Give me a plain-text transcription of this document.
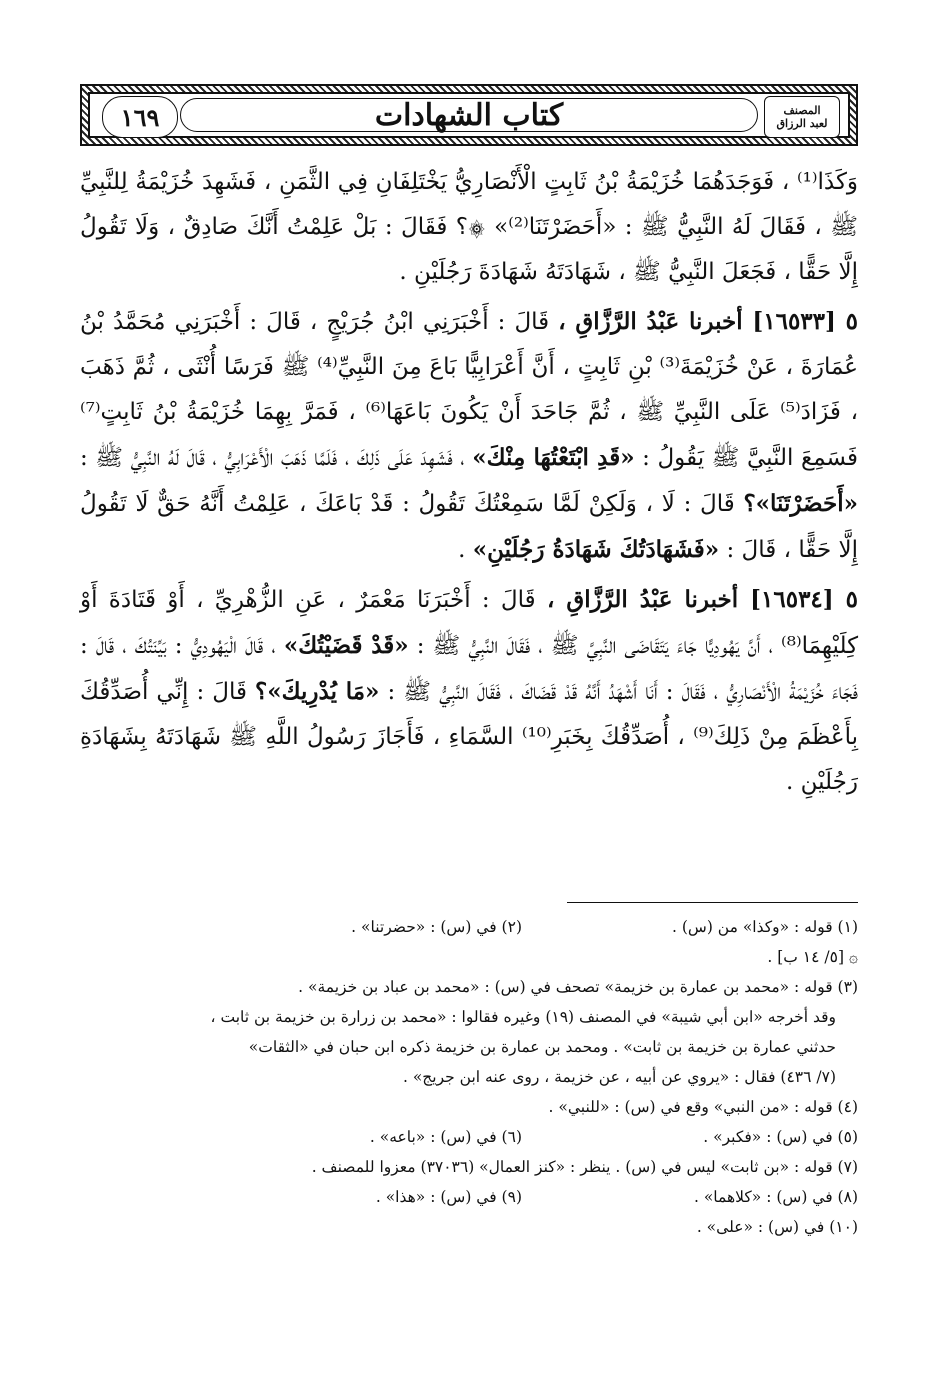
المصنف
لعبد الرزاق
كتاب الشهادات
١٦٩

وَكَذَا⁽¹⁾ ، فَوَجَدَهُمَا خُزَيْمَةُ بْنُ ثَابِتٍ الْأَنْصَارِيُّ يَخْتَلِفَانِ فِي الثَّمَنِ ، فَشَهِدَ خُزَيْمَةُ لِلنَّبِيِّ ﷺ ، فَقَالَ لَهُ النَّبِيُّ ﷺ : «أَحَضَرْتَنَا⁽²⁾» ۞؟ فَقَالَ : بَلْ عَلِمْتُ أَنَّكَ صَادِقٌ ، وَلَا تَقُولُ إِلَّا حَقًّا ، فَجَعَلَ النَّبِيُّ ﷺ ، شَهَادَتَهُ شَهَادَةَ رَجُلَيْنِ .

٥ [١٦٥٣٣] أخبرنا عَبْدُ الرَّزَّاقِ ، قَالَ : أَخْبَرَنِي ابْنُ جُرَيْجٍ ، قَالَ : أَخْبَرَنِي مُحَمَّدُ بْنُ عُمَارَةَ ، عَنْ خُزَيْمَةَ⁽³⁾ بْنِ ثَابِتٍ ، أَنَّ أَعْرَابِيًّا بَاعَ مِنَ النَّبِيِّ⁽⁴⁾ ﷺ فَرَسًا أُنْثَى ، ثُمَّ ذَهَبَ ، فَزَادَ⁽⁵⁾ عَلَى النَّبِيِّ ﷺ ، ثُمَّ جَاحَدَ أَنْ يَكُونَ بَاعَهَا⁽⁶⁾ ، فَمَرَّ بِهِمَا خُزَيْمَةُ بْنُ ثَابِتٍ⁽⁷⁾ فَسَمِعَ النَّبِيَّ ﷺ يَقُولُ : «قَدِ ابْتَعْتُهَا مِنْكَ» ، فَشَهِدَ عَلَى ذَلِكَ ، فَلَمَّا ذَهَبَ الْأَعْرَابِيُّ ، قَالَ لَهُ النَّبِيُّ ﷺ : «أَحَضَرْتَنَا»؟ قَالَ : لَا ، وَلَكِنْ لَمَّا سَمِعْتُكَ تَقُولُ : قَدْ بَاعَكَ ، عَلِمْتُ أَنَّهُ حَقٌّ لَا تَقُولُ إِلَّا حَقًّا ، قَالَ : «فَشَهَادَتُكَ شَهَادَةُ رَجُلَيْنِ» .

٥ [١٦٥٣٤] أخبرنا عَبْدُ الرَّزَّاقِ ، قَالَ : أَخْبَرَنَا مَعْمَرٌ ، عَنِ الزُّهْرِيِّ ، أَوْ قَتَادَةَ أَوْ كِلَيْهِمَا⁽⁸⁾ ، أَنَّ يَهُودِيًّا جَاءَ يَتَقَاضَى النَّبِيَّ ﷺ ، فَقَالَ النَّبِيُّ ﷺ : «قَدْ قَضَيْتُكَ» ، قَالَ الْيَهُودِيُّ : بَيِّنَتُكَ ، قَالَ : فَجَاءَ خُزَيْمَةُ الْأَنْصَارِيُّ ، فَقَالَ : أَنَا أَشْهَدُ أَنَّهُ قَدْ قَضَاكَ ، فَقَالَ النَّبِيُّ ﷺ : «مَا يُدْرِيكَ»؟ قَالَ : إِنِّي أُصَدِّقُكَ بِأَعْظَمَ مِنْ ذَلِكَ⁽⁹⁾ ، أُصَدِّقُكَ بِخَبَرِ⁽¹⁰⁾ السَّمَاءِ ، فَأَجَازَ رَسُولُ اللَّهِ ﷺ شَهَادَتَهُ بِشَهَادَةِ رَجُلَيْنِ .

(١) قوله : «وكذا» من (س) .
(٢) في (س) : «حضرتنا» .
۞ [٥/ ١٤ ب] .
(٣) قوله : «محمد بن عمارة بن خزيمة» تصحف في (س) : «محمد بن عباد بن خزيمة» .
وقد أخرجه «ابن أبي شيبة» في المصنف (١٩) وغيره فقالوا : «محمد بن زرارة بن خزيمة بن ثابت ،
حدثني عمارة بن خزيمة بن ثابت» . ومحمد بن عمارة بن خزيمة ذكره ابن حبان في «الثقات»
(٧/ ٤٣٦) فقال : «يروي عن أبيه ، عن خزيمة ، روى عنه ابن جريج» .
(٤) قوله : «من النبي» وقع في (س) : «للنبي» .
(٥) في (س) : «فكبر» .
(٦) في (س) : «باعه» .
(٧) قوله : «بن ثابت» ليس في (س) . ينظر : «كنز العمال» (٣٧٠٣٦) معزوا للمصنف .
(٨) في (س) : «كلاهما» .
(٩) في (س) : «هذا» .
(١٠) في (س) : «على» .
